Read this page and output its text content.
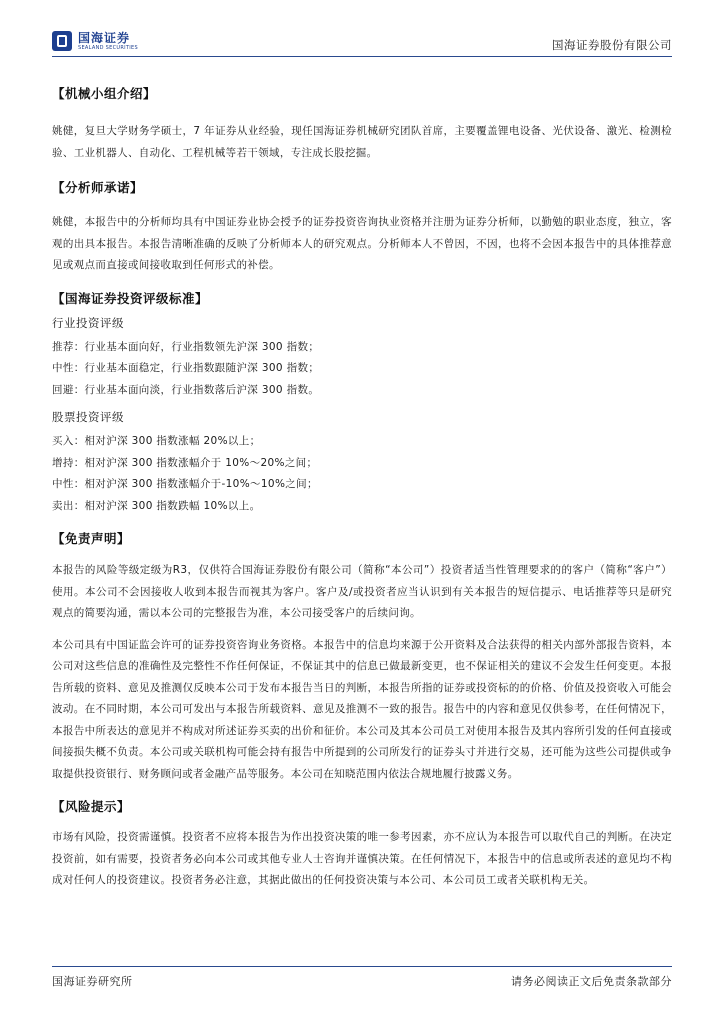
国海证券
SEALAND SECURITIES	国海证券股份有限公司
【机械小组介绍】

姚健，复旦大学财务学硕士，7 年证券从业经验，现任国海证券机械研究团队首席，主要覆盖锂电设备、光伏设备、激光、检测检验、工业机器人、自动化、工程机械等若干领域，专注成长股挖掘。

【分析师承诺】

姚健，本报告中的分析师均具有中国证券业协会授予的证券投资咨询执业资格并注册为证券分析师，以勤勉的职业态度，独立，客观的出具本报告。本报告清晰准确的反映了分析师本人的研究观点。分析师本人不曾因，不因，也将不会因本报告中的具体推荐意见或观点而直接或间接收取到任何形式的补偿。

【国海证券投资评级标准】

行业投资评级

推荐：行业基本面向好，行业指数领先沪深 300 指数；

中性：行业基本面稳定，行业指数跟随沪深 300 指数；

回避：行业基本面向淡，行业指数落后沪深 300 指数。

股票投资评级

买入：相对沪深 300 指数涨幅 20%以上；

增持：相对沪深 300 指数涨幅介于 10%～20%之间；

中性：相对沪深 300 指数涨幅介于-10%～10%之间；

卖出：相对沪深 300 指数跌幅 10%以上。

【免责声明】

本报告的风险等级定级为R3，仅供符合国海证券股份有限公司（简称“本公司”）投资者适当性管理要求的的客户（简称“客户”）使用。本公司不会因接收人收到本报告而视其为客户。客户及/或投资者应当认识到有关本报告的短信提示、电话推荐等只是研究观点的简要沟通，需以本公司的完整报告为准，本公司接受客户的后续问询。

本公司具有中国证监会许可的证券投资咨询业务资格。本报告中的信息均来源于公开资料及合法获得的相关内部外部报告资料，本公司对这些信息的准确性及完整性不作任何保证，不保证其中的信息已做最新变更，也不保证相关的建议不会发生任何变更。本报告所载的资料、意见及推测仅反映本公司于发布本报告当日的判断，本报告所指的证券或投资标的的价格、价值及投资收入可能会波动。在不同时期，本公司可发出与本报告所载资料、意见及推测不一致的报告。报告中的内容和意见仅供参考，在任何情况下，本报告中所表达的意见并不构成对所述证券买卖的出价和征价。本公司及其本公司员工对使用本报告及其内容所引发的任何直接或间接损失概不负责。本公司或关联机构可能会持有报告中所提到的公司所发行的证券头寸并进行交易，还可能为这些公司提供或争取提供投资银行、财务顾问或者金融产品等服务。本公司在知晓范围内依法合规地履行披露义务。

【风险提示】

市场有风险，投资需谨慎。投资者不应将本报告为作出投资决策的唯一参考因素，亦不应认为本报告可以取代自己的判断。在决定投资前，如有需要，投资者务必向本公司或其他专业人士咨询并谨慎决策。在任何情况下，本报告中的信息或所表述的意见均不构成对任何人的投资建议。投资者务必注意，其据此做出的任何投资决策与本公司、本公司员工或者关联机构无关。

国海证券研究所	请务必阅读正文后免责条款部分
